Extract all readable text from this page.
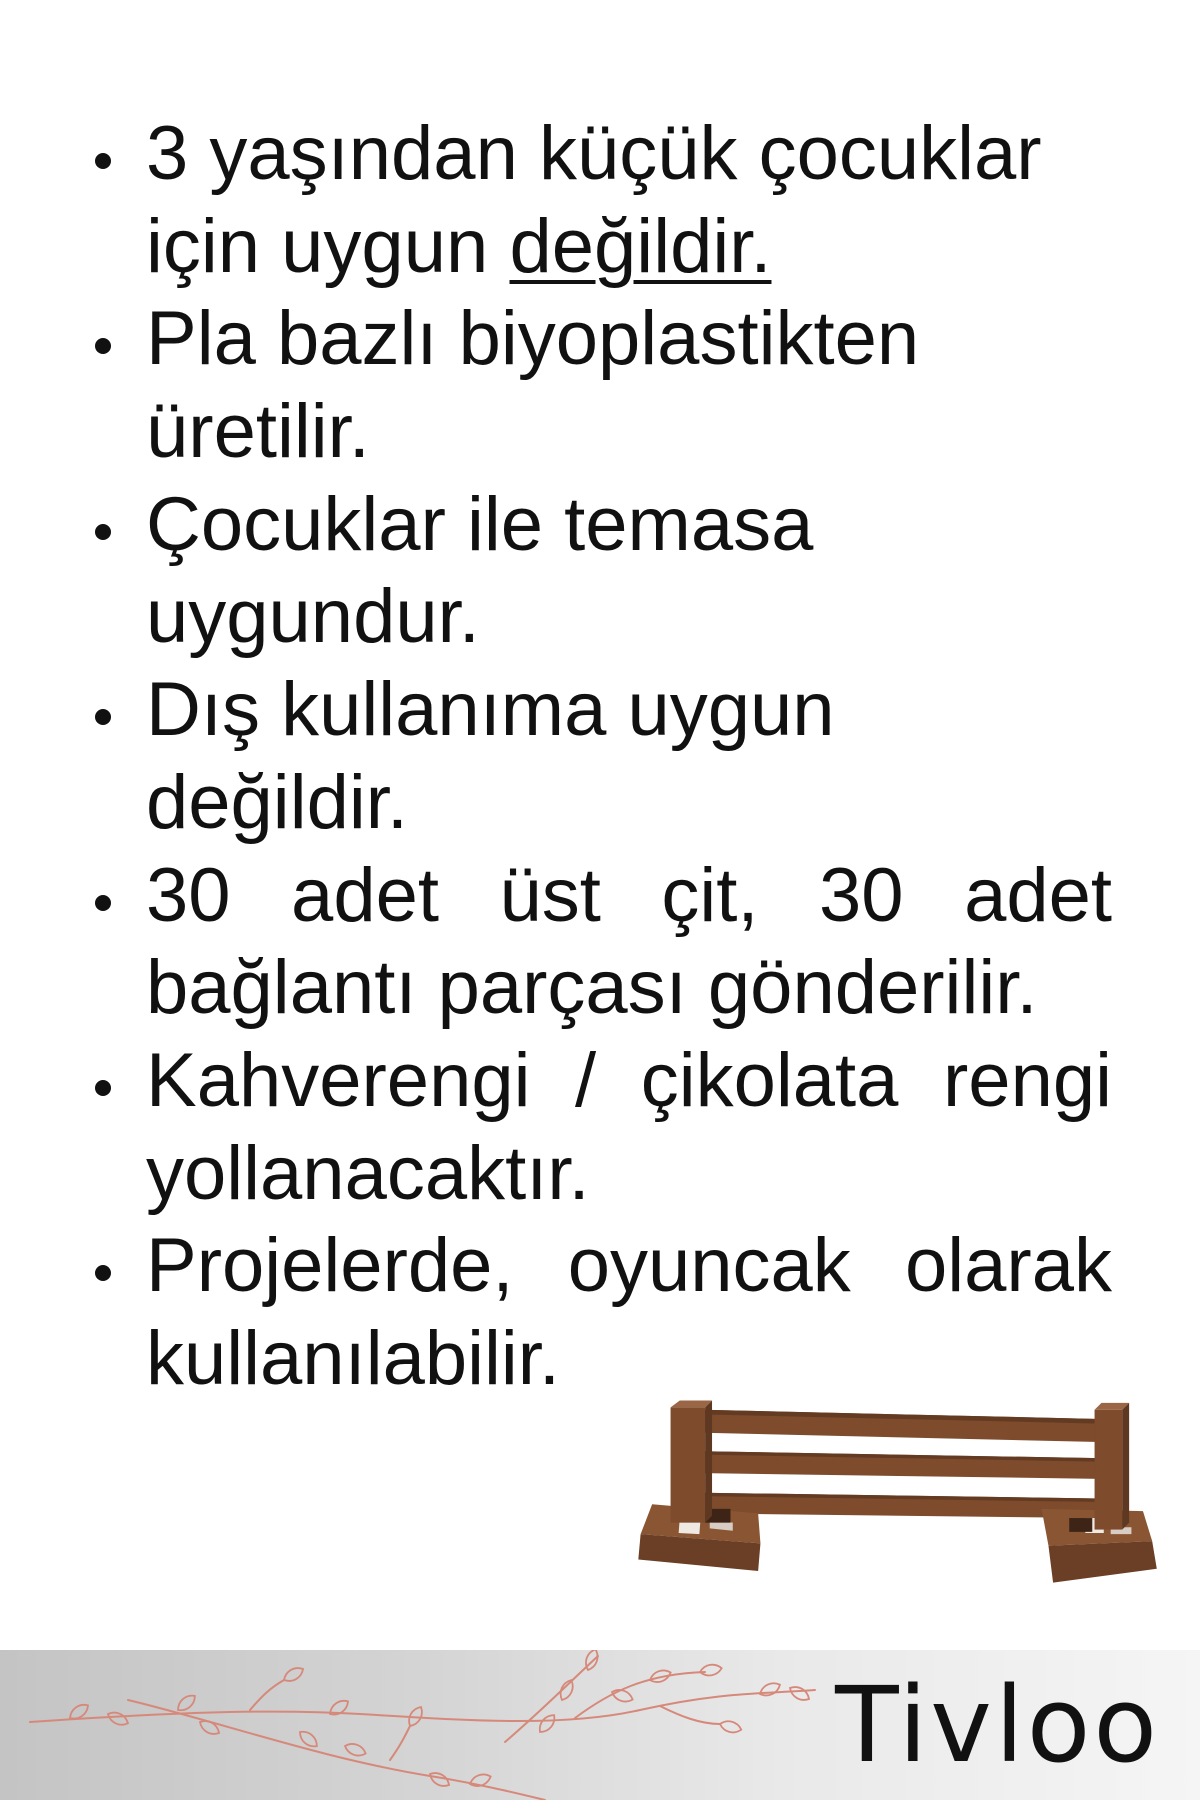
3 yaşından küçük çocuklar
için uygun değildir.
Pla bazlı biyoplastikten
üretilir.
Çocuklar ile temasa
uygundur.
Dış kullanıma uygun
değildir.
30 adet üst çit, 30 adet
bağlantı parçası gönderilir.
Kahverengi / çikolata rengi
yollanacaktır.
Projelerde, oyuncak olarak
kullanılabilir.
Tivloo
